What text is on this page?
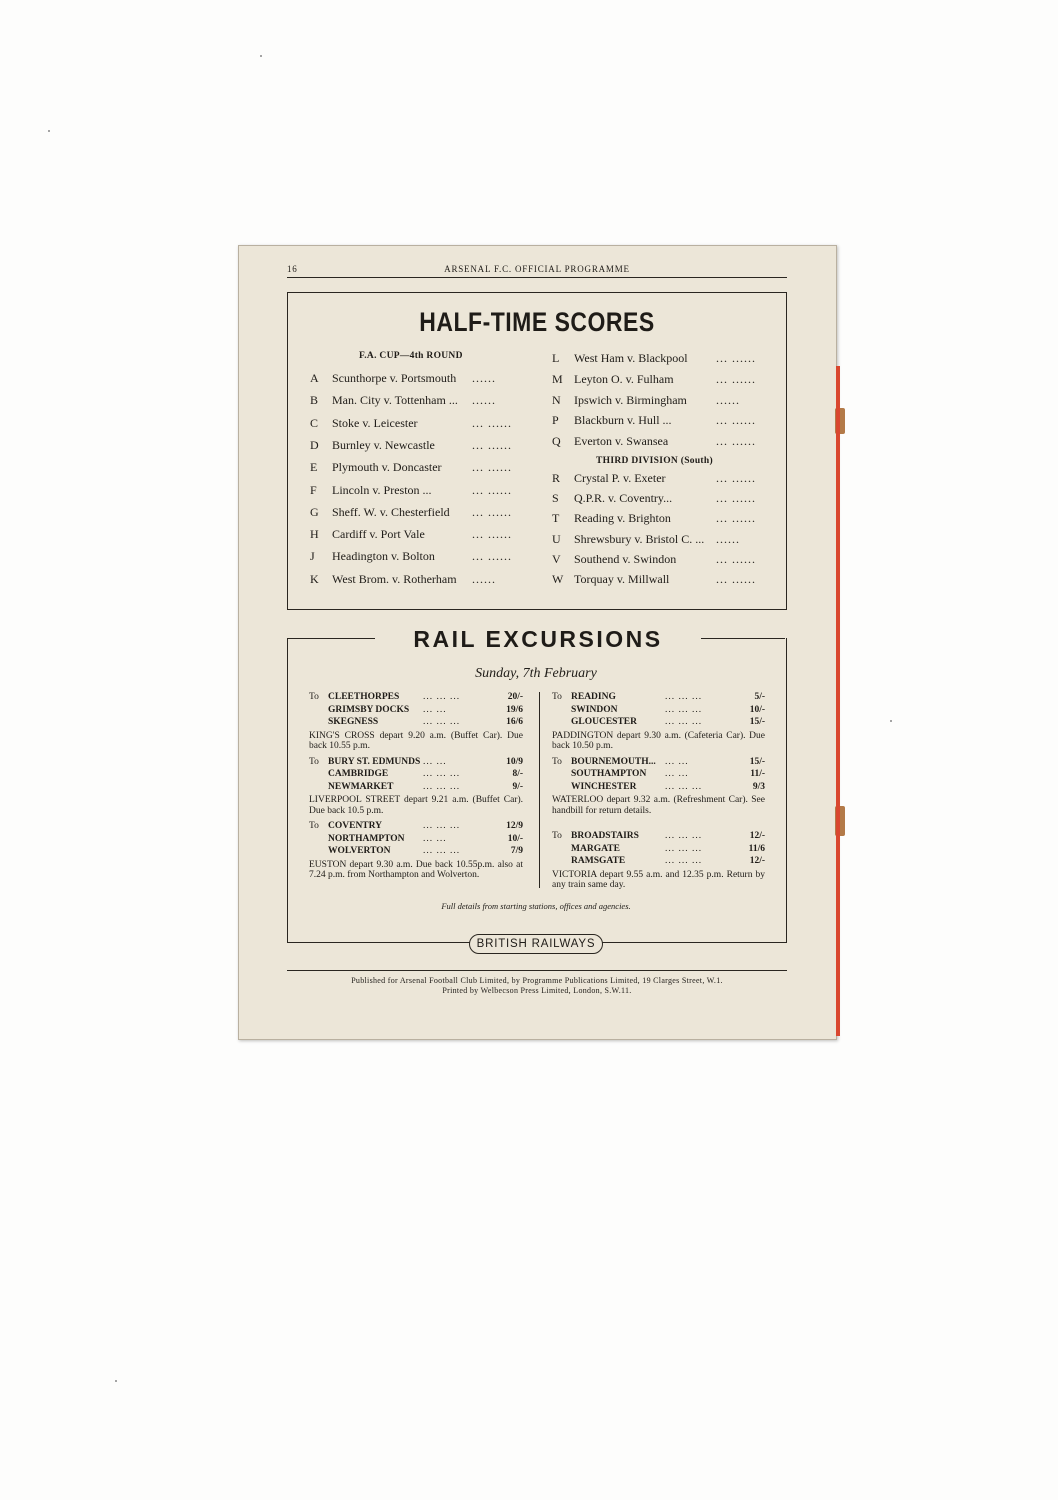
16	ARSENAL F.C. OFFICIAL PROGRAMME
HALF-TIME SCORES
F.A. CUP—4th ROUND
THIRD DIVISION (South)
A Scunthorpe v. Portsmouth ......
B Man. City v. Tottenham ... ......
C Stoke v. Leicester	... ......
D Burnley v. Newcastle	... ......
E Plymouth v. Doncaster	... ......
F Lincoln v. Preston ...	... ......
G Sheff. W. v. Chesterfield ... ......
H Cardiff v. Port Vale	... ......
J Headington v. Bolton	... ......
K West Brom. v. Rotherham ......
L West Ham v. Blackpool ... ......
M Leyton O. v. Fulham	... ......
N Ipswich v. Birmingham ......
P Blackburn v. Hull ...	... ......
Q Everton v. Swansea	... ......
R Crystal P. v. Exeter	... ......
S Q.P.R. v. Coventry...	... ......
T Reading v. Brighton	... ......
U Shrewsbury v. Bristol C. ... ......
V Southend v. Swindon	... ......
W Torquay v. Millwall	... ......
RAIL EXCURSIONS
Sunday, 7th February
To CLEETHORPES ... ... ...	20/-
GRIMSBY DOCKS ... ...	19/6
SKEGNESS	... ... ...	16/6
KING'S CROSS depart 9.20 a.m. (Buffet Car). Due back 10.55 p.m.
To BURY ST. EDMUNDS ... ...	10/9
CAMBRIDGE	... ... ...	8/-
NEWMARKET	... ... ...	9/-
LIVERPOOL STREET depart 9.21 a.m. (Buffet Car). Due back 10.5 p.m.
To COVENTRY	... ... ...	12/9
NORTHAMPTON ... ...	10/-
WOLVERTON	... ... ...	7/9
EUSTON depart 9.30 a.m. Due back 10.55p.m. also at 7.24 p.m. from Northampton and Wolverton.
To READING	... ... ...	5/-
SWINDON	... ... ...	10/-
GLOUCESTER	... ... ...	15/-
PADDINGTON depart 9.30 a.m. (Cafeteria Car). Due back 10.50 p.m.
To BOURNEMOUTH... ... ...	15/-
SOUTHAMPTON ... ...	11/-
WINCHESTER	... ... ...	9/3
WATERLOO depart 9.32 a.m. (Refreshment Car). See handbill for return details.
To BROADSTAIRS	... ... ...	12/-
MARGATE	... ... ...	11/6
RAMSGATE	... ... ...	12/-
VICTORIA depart 9.55 a.m. and 12.35 p.m. Return by any train same day.
Full details from starting stations, offices and agencies.
BRITISH RAILWAYS
Published for Arsenal Football Club Limited, by Programme Publications Limited, 19 Clarges Street, W.1.
Printed by Welbecson Press Limited, London, S.W.11.
